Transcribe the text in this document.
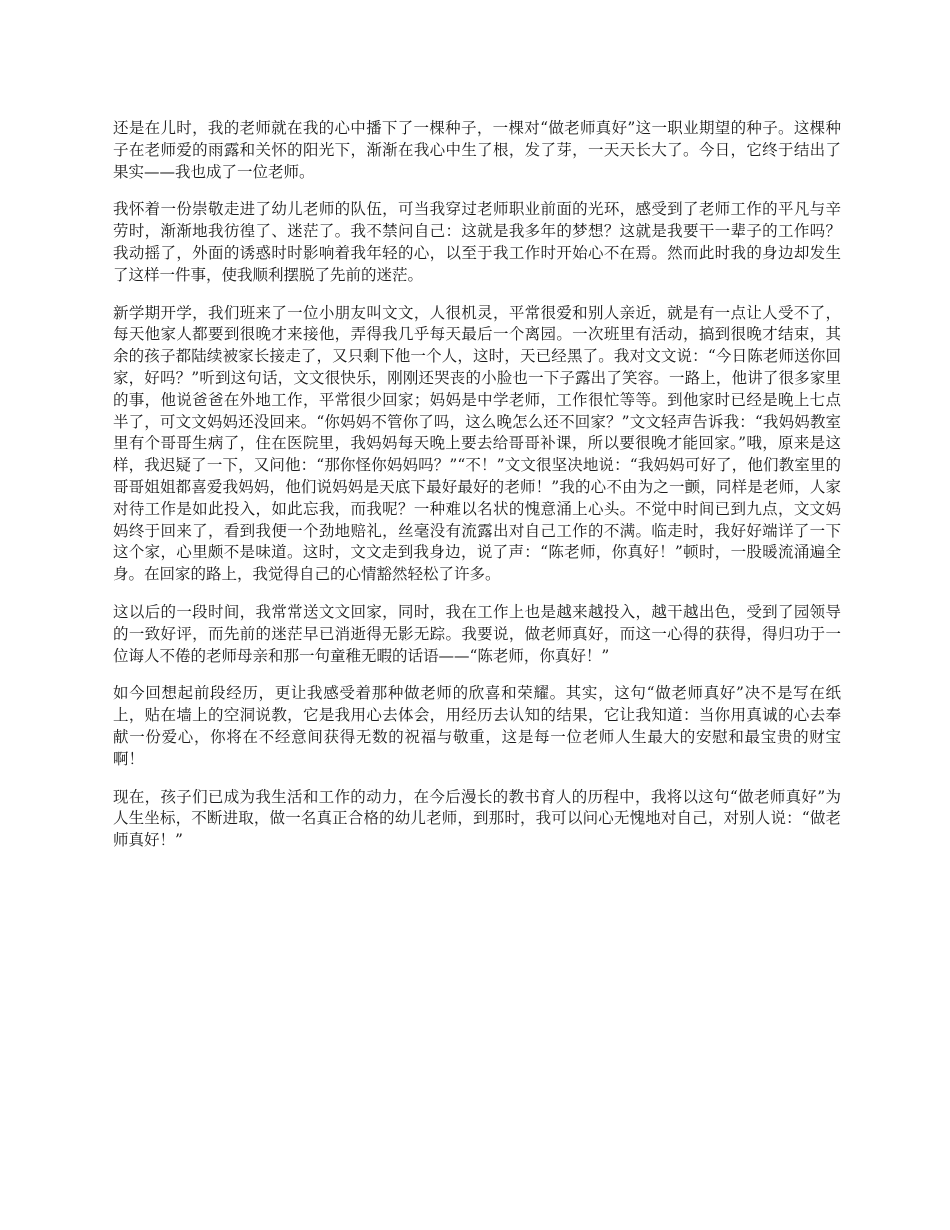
还是在儿时，我的老师就在我的心中播下了一棵种子，一棵对“做老师真好”这一职业期望的种子。这棵种子在老师爱的雨露和关怀的阳光下，渐渐在我心中生了根，发了芽，一天天长大了。今日，它终于结出了果实——我也成了一位老师。

我怀着一份崇敬走进了幼儿老师的队伍，可当我穿过老师职业前面的光环，感受到了老师工作的平凡与辛劳时，渐渐地我彷徨了、迷茫了。我不禁问自己：这就是我多年的梦想？这就是我要干一辈子的工作吗？我动摇了，外面的诱惑时时影响着我年轻的心，以至于我工作时开始心不在焉。然而此时我的身边却发生了这样一件事，使我顺利摆脱了先前的迷茫。

新学期开学，我们班来了一位小朋友叫文文，人很机灵，平常很爱和别人亲近，就是有一点让人受不了，每天他家人都要到很晚才来接他，弄得我几乎每天最后一个离园。一次班里有活动，搞到很晚才结束，其余的孩子都陆续被家长接走了，又只剩下他一个人，这时，天已经黑了。我对文文说：“今日陈老师送你回家，好吗？”听到这句话，文文很快乐，刚刚还哭丧的小脸也一下子露出了笑容。一路上，他讲了很多家里的事，他说爸爸在外地工作，平常很少回家；妈妈是中学老师，工作很忙等等。到他家时已经是晚上七点半了，可文文妈妈还没回来。“你妈妈不管你了吗，这么晚怎么还不回家？”文文轻声告诉我：“我妈妈教室里有个哥哥生病了，住在医院里，我妈妈每天晚上要去给哥哥补课，所以要很晚才能回家。”哦，原来是这样，我迟疑了一下，又问他：“那你怪你妈妈吗？”“不！”文文很坚决地说：“我妈妈可好了，他们教室里的哥哥姐姐都喜爱我妈妈，他们说妈妈是天底下最好最好的老师！”我的心不由为之一颤，同样是老师，人家对待工作是如此投入，如此忘我，而我呢？一种难以名状的愧意涌上心头。不觉中时间已到九点，文文妈妈终于回来了，看到我便一个劲地赔礼，丝毫没有流露出对自己工作的不满。临走时，我好好端详了一下这个家，心里颇不是味道。这时，文文走到我身边，说了声：“陈老师，你真好！”顿时，一股暖流涌遍全身。在回家的路上，我觉得自己的心情豁然轻松了许多。

这以后的一段时间，我常常送文文回家，同时，我在工作上也是越来越投入，越干越出色，受到了园领导的一致好评，而先前的迷茫早已消逝得无影无踪。我要说，做老师真好，而这一心得的获得，得归功于一位诲人不倦的老师母亲和那一句童稚无暇的话语——“陈老师，你真好！”

如今回想起前段经历，更让我感受着那种做老师的欣喜和荣耀。其实，这句“做老师真好”决不是写在纸上，贴在墙上的空洞说教，它是我用心去体会，用经历去认知的结果，它让我知道：当你用真诚的心去奉献一份爱心，你将在不经意间获得无数的祝福与敬重，这是每一位老师人生最大的安慰和最宝贵的财宝啊！

现在，孩子们已成为我生活和工作的动力，在今后漫长的教书育人的历程中，我将以这句“做老师真好”为人生坐标，不断进取，做一名真正合格的幼儿老师，到那时，我可以问心无愧地对自己，对别人说：“做老师真好！”
